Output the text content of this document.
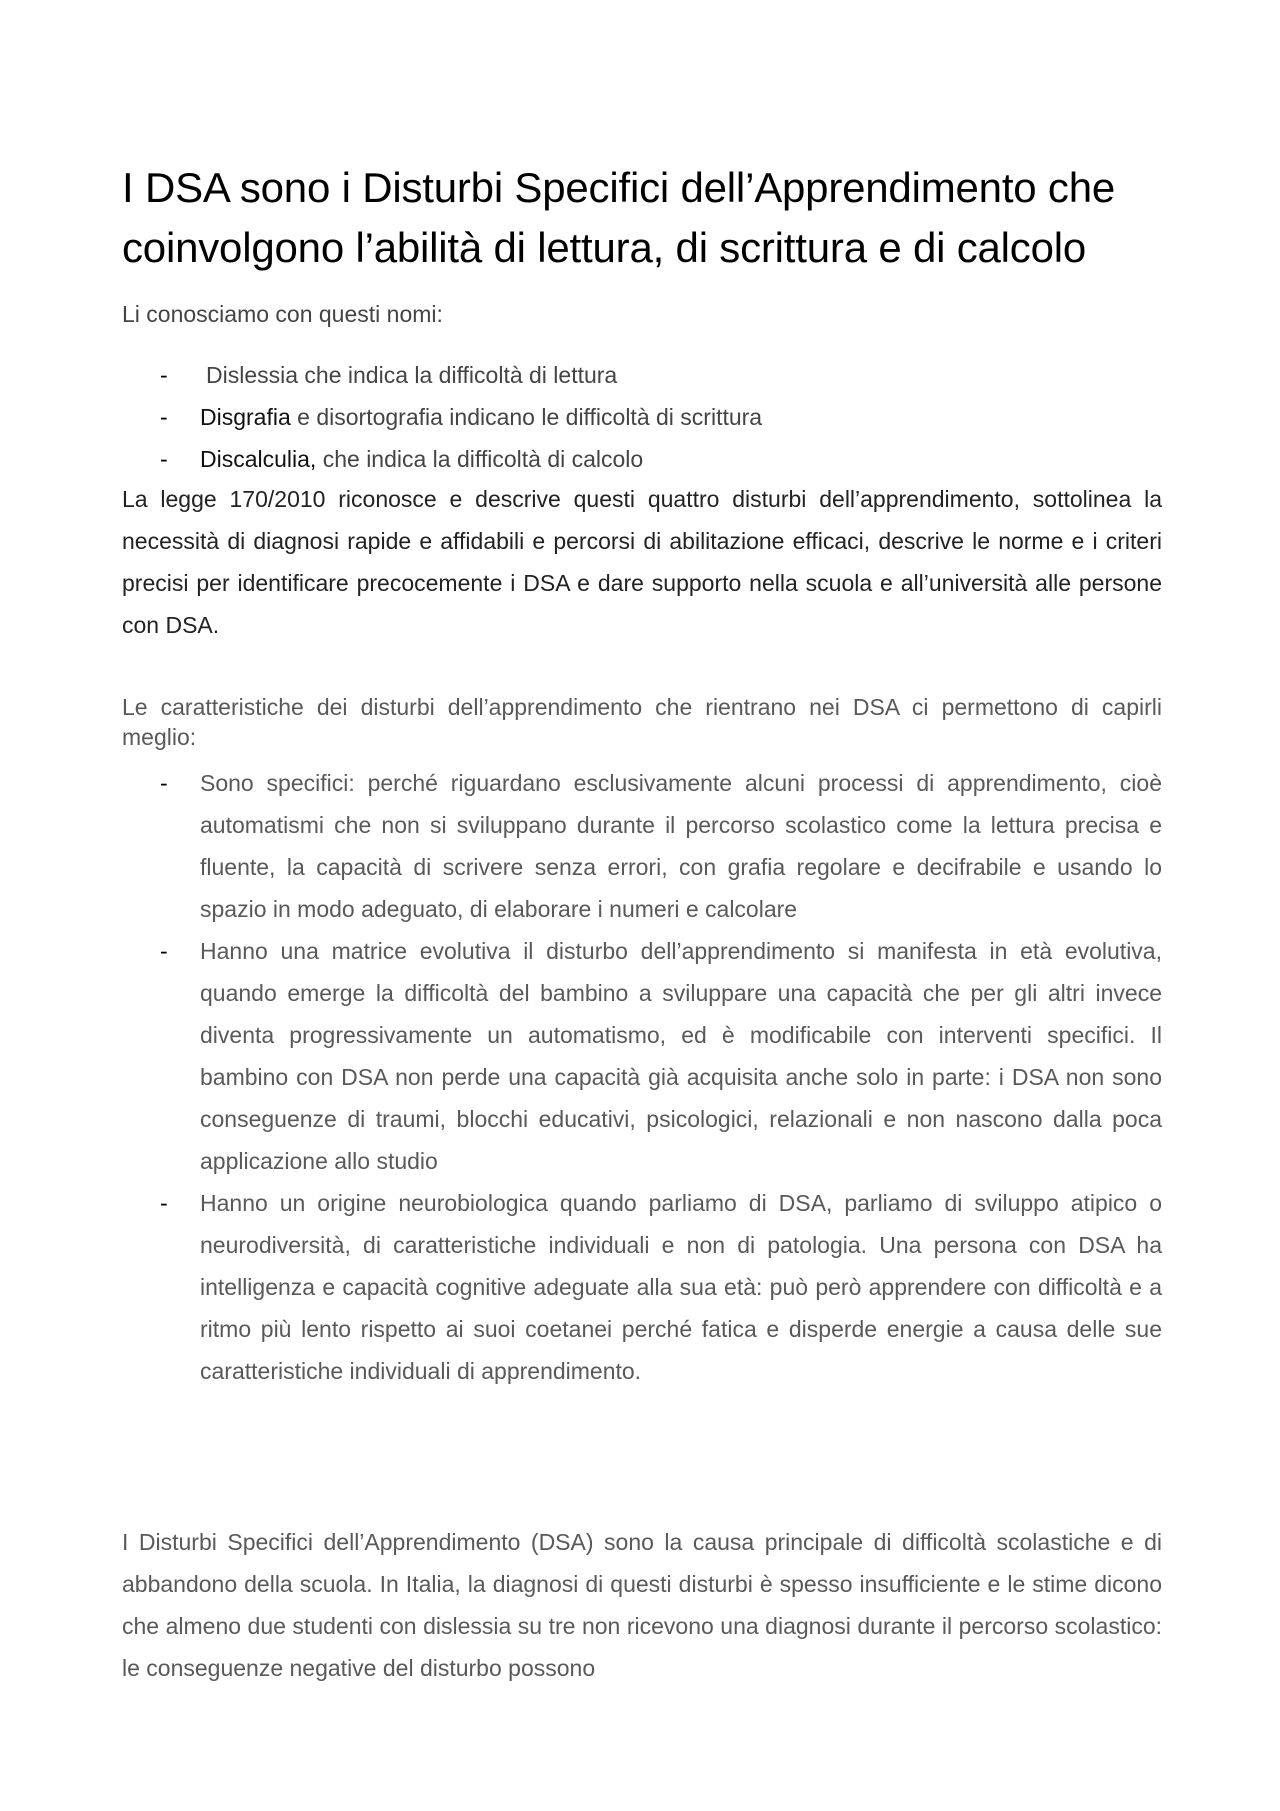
I DSA sono i Disturbi Specifici dell’Apprendimento che coinvolgono l’abilità di lettura, di scrittura e di calcolo

Li conosciamo con questi nomi:

- Dislessia che indica la difficoltà di lettura
- Disgrafia e disortografia indicano le difficoltà di scrittura
- Discalculia, che indica la difficoltà di calcolo

La legge 170/2010 riconosce e descrive questi quattro disturbi dell’apprendimento, sottolinea la necessità di diagnosi rapide e affidabili e percorsi di abilitazione efficaci, descrive le norme e i criteri precisi per identificare precocemente i DSA e dare supporto nella scuola e all’università alle persone con DSA.

Le caratteristiche dei disturbi dell’apprendimento che rientrano nei DSA ci permettono di capirli meglio:

- Sono specifici: perché riguardano esclusivamente alcuni processi di apprendimento, cioè automatismi che non si sviluppano durante il percorso scolastico come la lettura precisa e fluente, la capacità di scrivere senza errori, con grafia regolare e decifrabile e usando lo spazio in modo adeguato, di elaborare i numeri e calcolare
- Hanno una matrice evolutiva il disturbo dell’apprendimento si manifesta in età evolutiva, quando emerge la difficoltà del bambino a sviluppare una capacità che per gli altri invece diventa progressivamente un automatismo, ed è modificabile con interventi specifici. Il bambino con DSA non perde una capacità già acquisita anche solo in parte: i DSA non sono conseguenze di traumi, blocchi educativi, psicologici, relazionali e non nascono dalla poca applicazione allo studio
- Hanno un origine neurobiologica quando parliamo di DSA, parliamo di sviluppo atipico o neurodiversità, di caratteristiche individuali e non di patologia. Una persona con DSA ha intelligenza e capacità cognitive adeguate alla sua età: può però apprendere con difficoltà e a ritmo più lento rispetto ai suoi coetanei perché fatica e disperde energie a causa delle sue caratteristiche individuali di apprendimento.

I Disturbi Specifici dell’Apprendimento (DSA) sono la causa principale di difficoltà scolastiche e di abbandono della scuola. In Italia, la diagnosi di questi disturbi è spesso insufficiente e le stime dicono che almeno due studenti con dislessia su tre non ricevono una diagnosi durante il percorso scolastico: le conseguenze negative del disturbo possono
